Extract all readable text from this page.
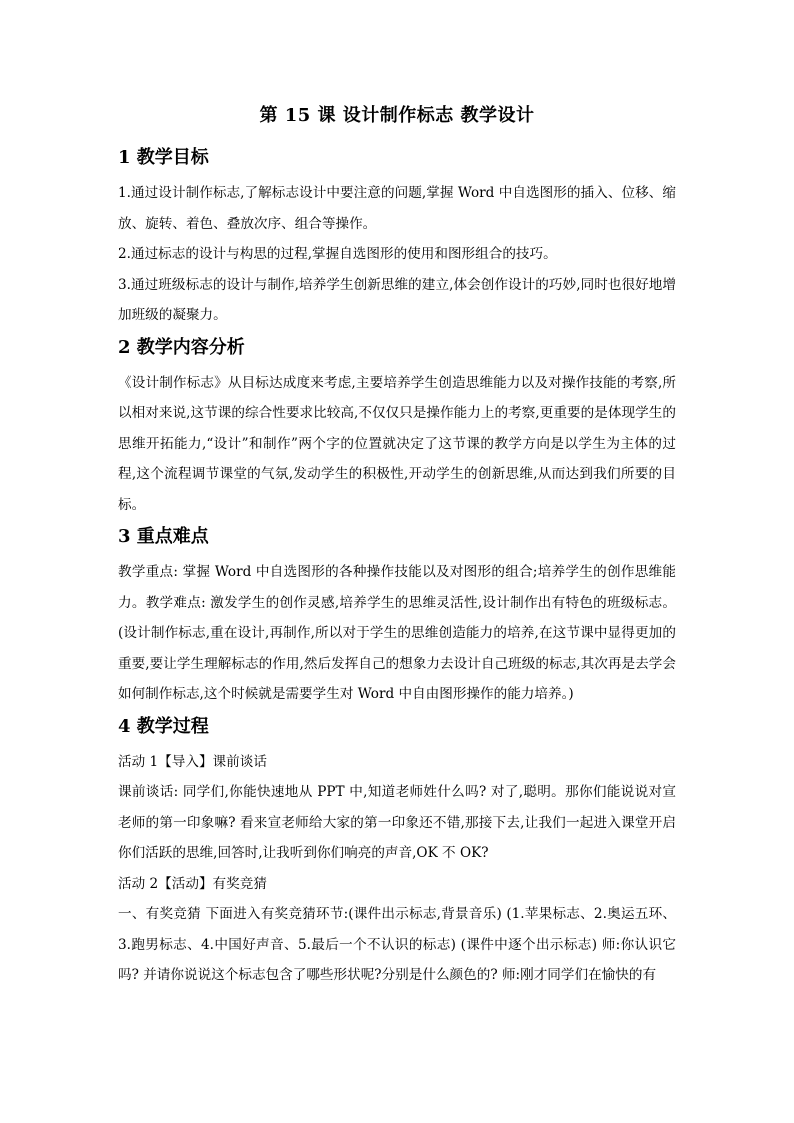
第 15 课 设计制作标志 教学设计
1 教学目标

1.通过设计制作标志,了解标志设计中要注意的问题,掌握 Word 中自选图形的插入、位移、缩放、旋转、着色、叠放次序、组合等操作。

2.通过标志的设计与构思的过程,掌握自选图形的使用和图形组合的技巧。

3.通过班级标志的设计与制作,培养学生创新思维的建立,体会创作设计的巧妙,同时也很好地增加班级的凝聚力。

2 教学内容分析

《设计制作标志》从目标达成度来考虑,主要培养学生创造思维能力以及对操作技能的考察,所以相对来说,这节课的综合性要求比较高,不仅仅只是操作能力上的考察,更重要的是体现学生的思维开拓能力,“设计”和制作”两个字的位置就决定了这节课的教学方向是以学生为主体的过程,这个流程调节课堂的气氛,发动学生的积极性,开动学生的创新思维,从而达到我们所要的目标。

3 重点难点

教学重点: 掌握 Word 中自选图形的各种操作技能以及对图形的组合;培养学生的创作思维能力。教学难点: 激发学生的创作灵感,培养学生的思维灵活性,设计制作出有特色的班级标志。(设计制作标志,重在设计,再制作,所以对于学生的思维创造能力的培养,在这节课中显得更加的重要,要让学生理解标志的作用,然后发挥自己的想象力去设计自己班级的标志,其次再是去学会如何制作标志,这个时候就是需要学生对 Word 中自由图形操作的能力培养。)

4 教学过程

活动 1【导入】课前谈话

课前谈话: 同学们,你能快速地从 PPT 中,知道老师姓什么吗? 对了,聪明。那你们能说说对宣老师的第一印象嘛? 看来宣老师给大家的第一印象还不错,那接下去,让我们一起进入课堂开启你们活跃的思维,回答时,让我听到你们响亮的声音,OK 不 OK?

活动 2【活动】有奖竞猜

一、有奖竞猜 下面进入有奖竞猜环节:(课件出示标志,背景音乐) (1.苹果标志、2.奥运五环、3.跑男标志、4.中国好声音、5.最后一个不认识的标志) (课件中逐个出示标志) 师:你认识它吗? 并请你说说这个标志包含了哪些形状呢?分别是什么颜色的? 师:刚才同学们在愉快的有
